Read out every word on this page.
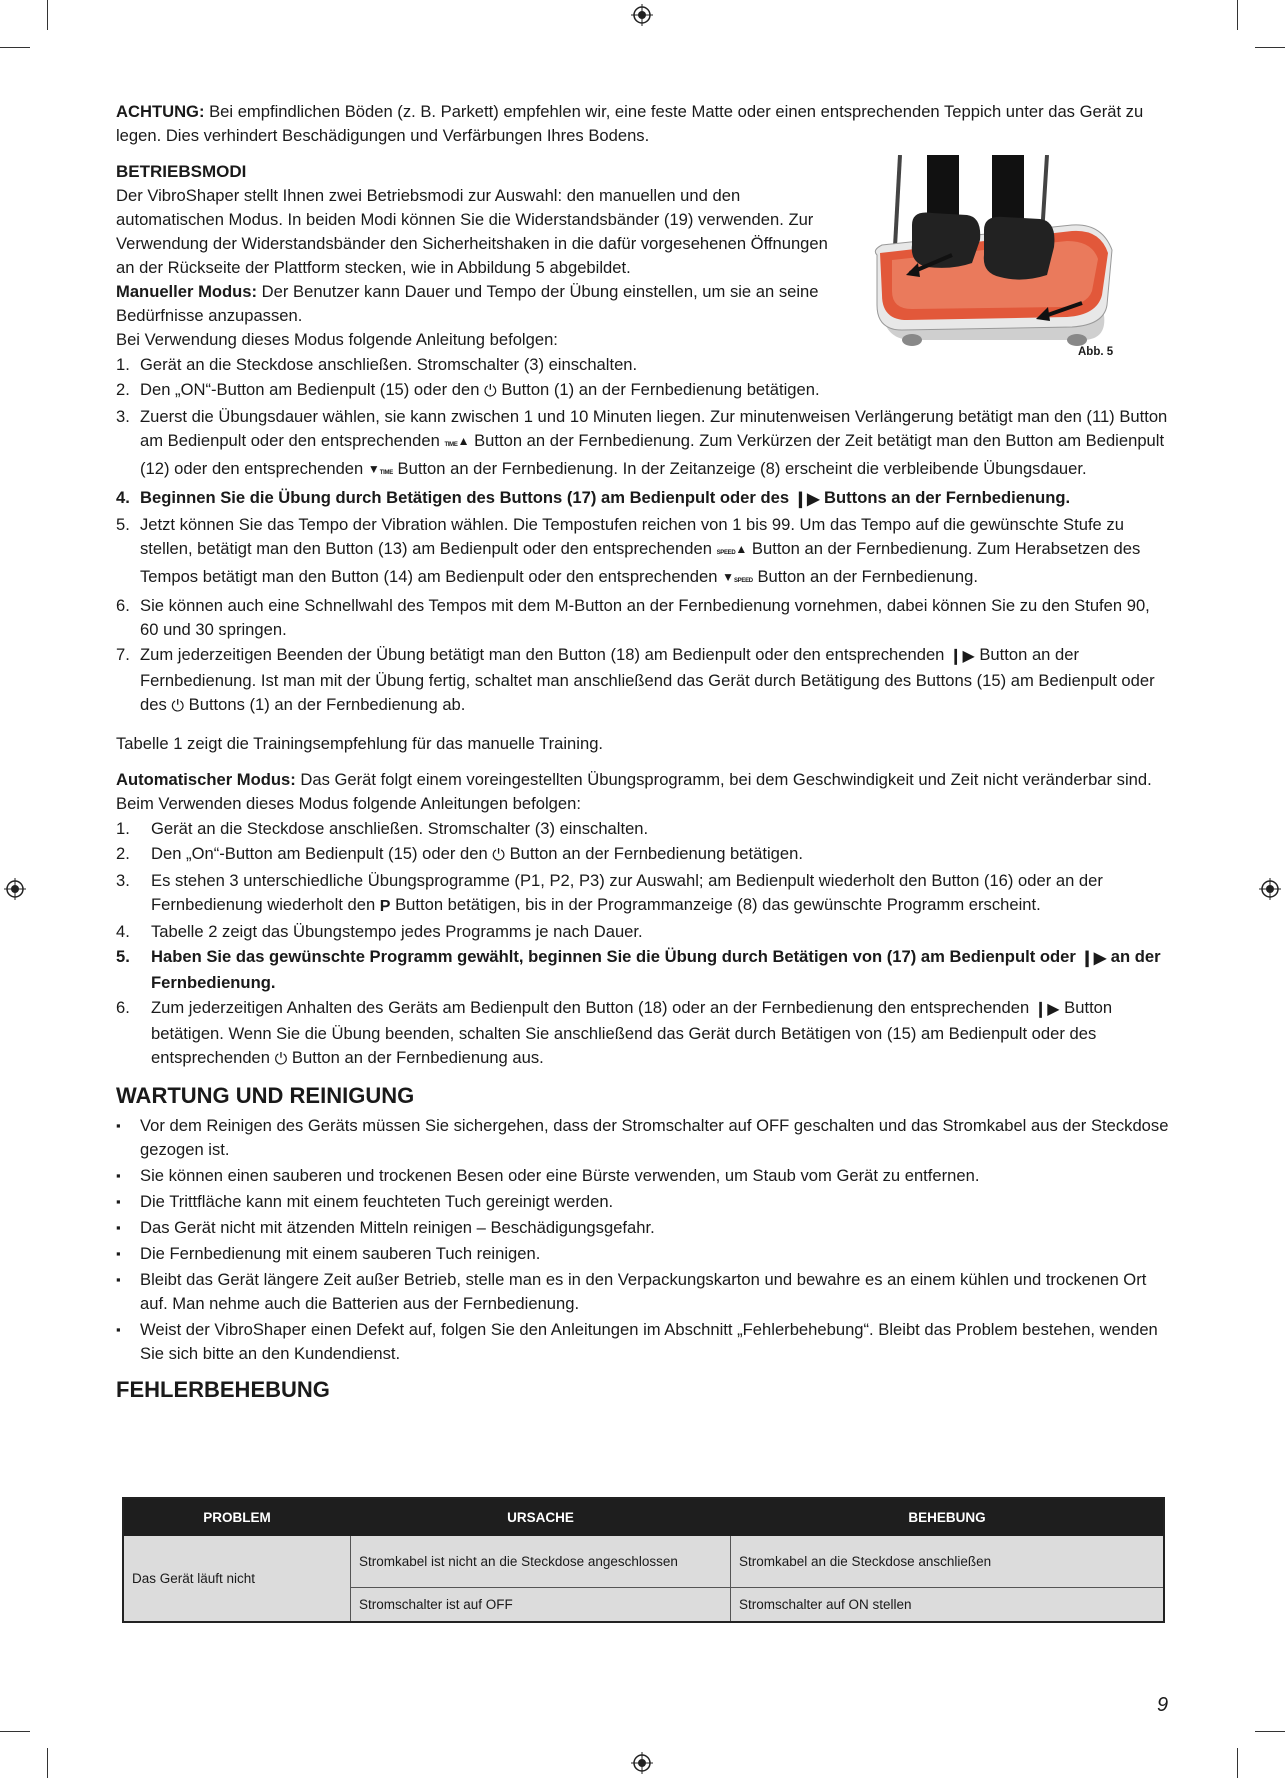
Abb. 5

ACHTUNG: Bei empfindlichen Böden (z. B. Parkett) empfehlen wir, eine feste Matte oder einen entsprechenden Teppich unter das Gerät zu legen. Dies verhindert Beschädigungen und Verfärbungen Ihres Bodens.

BETRIEBSMODI

Der VibroShaper stellt Ihnen zwei Betriebsmodi zur Auswahl: den manuellen und den automatischen Modus. In beiden Modi können Sie die Widerstandsbänder (19) verwenden. Zur Verwendung der Widerstandsbänder den Sicherheitshaken in die dafür vorgesehenen Öffnungen an der Rückseite der Plattform stecken, wie in Abbildung 5 abgebildet.

Manueller Modus: Der Benutzer kann Dauer und Tempo der Übung einstellen, um sie an seine Bedürfnisse anzupassen.

Bei Verwendung dieses Modus folgende Anleitung befolgen:

1. Gerät an die Steckdose anschließen. Stromschalter (3) einschalten.
2. Den „ON“-Button am Bedienpult (15) oder den ⏻ Button (1) an der Fernbedienung betätigen.
3. Zuerst die Übungsdauer wählen, sie kann zwischen 1 und 10 Minuten liegen. Zur minutenweisen Verlängerung betätigt man den (11) Button am Bedienpult oder den entsprechenden TIME▲ Button an der Fernbedienung. Zum Verkürzen der Zeit betätigt man den Button am Bedienpult (12) oder den entsprechenden ▼TIME Button an der Fernbedienung. In der Zeitanzeige (8) erscheint die verbleibende Übungsdauer.
4. Beginnen Sie die Übung durch Betätigen des Buttons (17) am Bedienpult oder des ❙▶ Buttons an der Fernbedienung.
5. Jetzt können Sie das Tempo der Vibration wählen. Die Tempostufen reichen von 1 bis 99. Um das Tempo auf die gewünschte Stufe zu stellen, betätigt man den Button (13) am Bedienpult oder den entsprechenden SPEED▲ Button an der Fernbedienung. Zum Herabsetzen des Tempos betätigt man den Button (14) am Bedienpult oder den entsprechenden ▼SPEED Button an der Fernbedienung.
6. Sie können auch eine Schnellwahl des Tempos mit dem M-Button an der Fernbedienung vornehmen, dabei können Sie zu den Stufen 90, 60 und 30 springen.
7. Zum jederzeitigen Beenden der Übung betätigt man den Button (18) am Bedienpult oder den entsprechenden ❙▶ Button an der Fernbedienung. Ist man mit der Übung fertig, schaltet man anschließend das Gerät durch Betätigung des Buttons (15) am Bedienpult oder des ⏻ Buttons (1) an der Fernbedienung ab.

Tabelle 1 zeigt die Trainingsempfehlung für das manuelle Training.

Automatischer Modus: Das Gerät folgt einem voreingestellten Übungsprogramm, bei dem Geschwindigkeit und Zeit nicht veränderbar sind. Beim Verwenden dieses Modus folgende Anleitungen befolgen:

1. Gerät an die Steckdose anschließen. Stromschalter (3) einschalten.
2. Den „On“-Button am Bedienpult (15) oder den ⏻ Button an der Fernbedienung betätigen.
3. Es stehen 3 unterschiedliche Übungsprogramme (P1, P2, P3) zur Auswahl; am Bedienpult wiederholt den Button (16) oder an der Fernbedienung wiederholt den P Button betätigen, bis in der Programmanzeige (8) das gewünschte Programm erscheint.
4. Tabelle 2 zeigt das Übungstempo jedes Programms je nach Dauer.
5. Haben Sie das gewünschte Programm gewählt, beginnen Sie die Übung durch Betätigen von (17) am Bedienpult oder ❙▶ an der Fernbedienung.
6. Zum jederzeitigen Anhalten des Geräts am Bedienpult den Button (18) oder an der Fernbedienung den entsprechenden ❙▶ Button betätigen. Wenn Sie die Übung beenden, schalten Sie anschließend das Gerät durch Betätigen von (15) am Bedienpult oder des entsprechenden ⏻ Button an der Fernbedienung aus.
WARTUNG UND REINIGUNG
▪ Vor dem Reinigen des Geräts müssen Sie sichergehen, dass der Stromschalter auf OFF geschalten und das Stromkabel aus der Steckdose gezogen ist.
▪ Sie können einen sauberen und trockenen Besen oder eine Bürste verwenden, um Staub vom Gerät zu entfernen.
▪ Die Trittfläche kann mit einem feuchteten Tuch gereinigt werden.
▪ Das Gerät nicht mit ätzenden Mitteln reinigen – Beschädigungsgefahr.
▪ Die Fernbedienung mit einem sauberen Tuch reinigen.
▪ Bleibt das Gerät längere Zeit außer Betrieb, stelle man es in den Verpackungskarton und bewahre es an einem kühlen und trockenen Ort auf. Man nehme auch die Batterien aus der Fernbedienung.
▪ Weist der VibroShaper einen Defekt auf, folgen Sie den Anleitungen im Abschnitt „Fehlerbehebung“. Bleibt das Problem bestehen, wenden Sie sich bitte an den Kundendienst.
FEHLERBEHEBUNG
PROBLEM	URSACHE	BEHEBUNG
Das Gerät läuft nicht	Stromkabel ist nicht an die Steckdose angeschlossen	Stromkabel an die Steckdose anschließen
	Stromschalter ist auf OFF	Stromschalter auf ON stellen
9
